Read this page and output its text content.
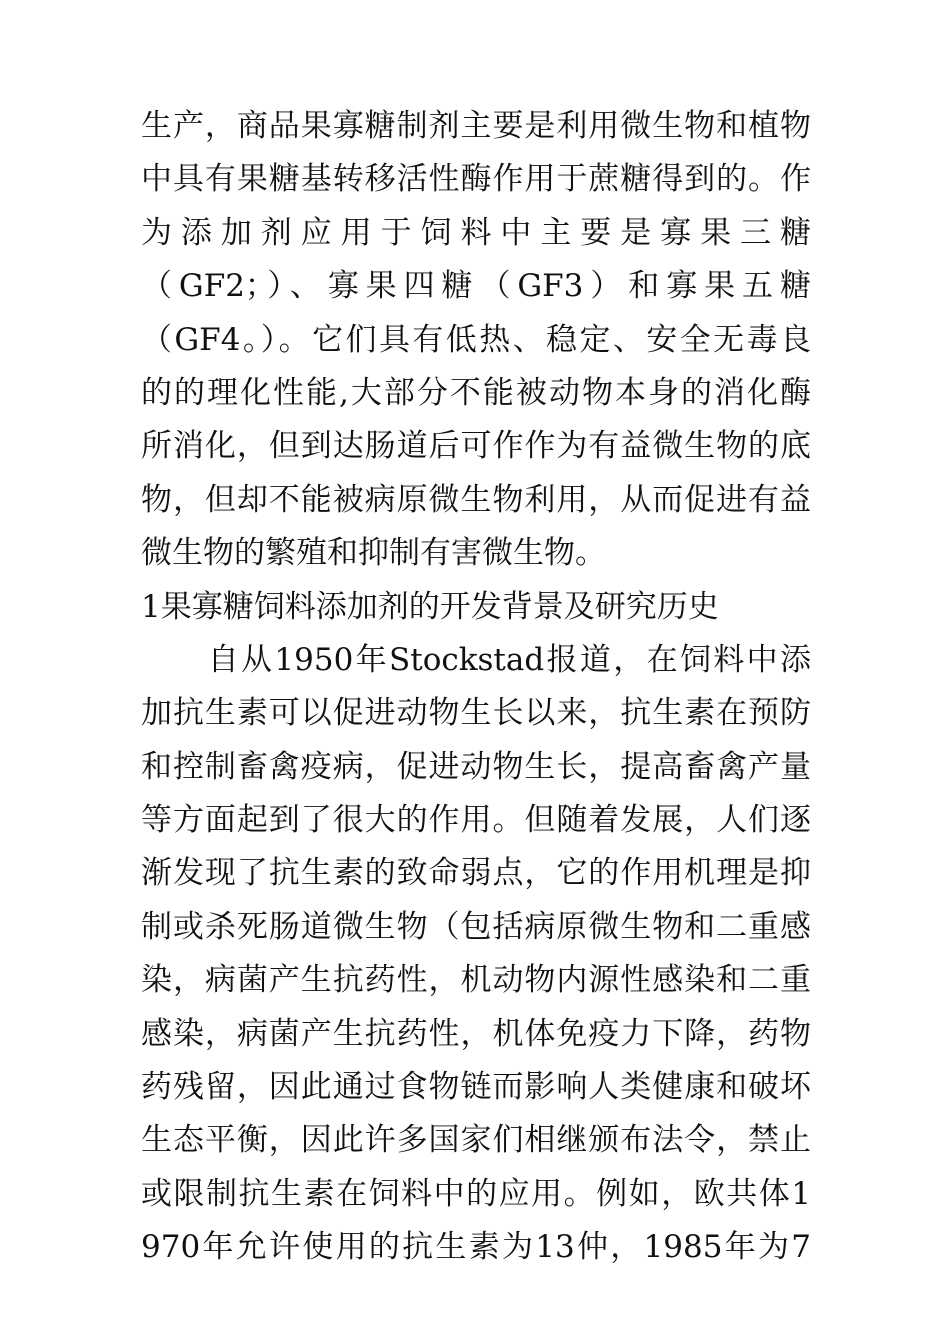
生产，商品果寡糖制剂主要是利用微生物和植物
中具有果糖基转移活性酶作用于蔗糖得到的。作
为添加剂应用于饲料中主要是寡果三糖
（GF2；）、寡果四糖（GF3）和寡果五糖
（GF4。）。它们具有低热、稳定、安全无毒良
的的理化性能,大部分不能被动物本身的消化酶
所消化，但到达肠道后可作作为有益微生物的底
物，但却不能被病原微生物利用，从而促进有益
微生物的繁殖和抑制有害微生物。
1果寡糖饲料添加剂的开发背景及研究历史
　　自从1950年Stockstad报道，在饲料中添
加抗生素可以促进动物生长以来，抗生素在预防
和控制畜禽疫病，促进动物生长，提高畜禽产量
等方面起到了很大的作用。但随着发展，人们逐
渐发现了抗生素的致命弱点，它的作用机理是抑
制或杀死肠道微生物（包括病原微生物和二重感
染，病菌产生抗药性，机动物内源性感染和二重
感染，病菌产生抗药性，机体免疫力下降，药物
药残留，因此通过食物链而影响人类健康和破坏
生态平衡，因此许多国家们相继颁布法令，禁止
或限制抗生素在饲料中的应用。例如，欧共体1
970年允许使用的抗生素为13仲，1985年为7
